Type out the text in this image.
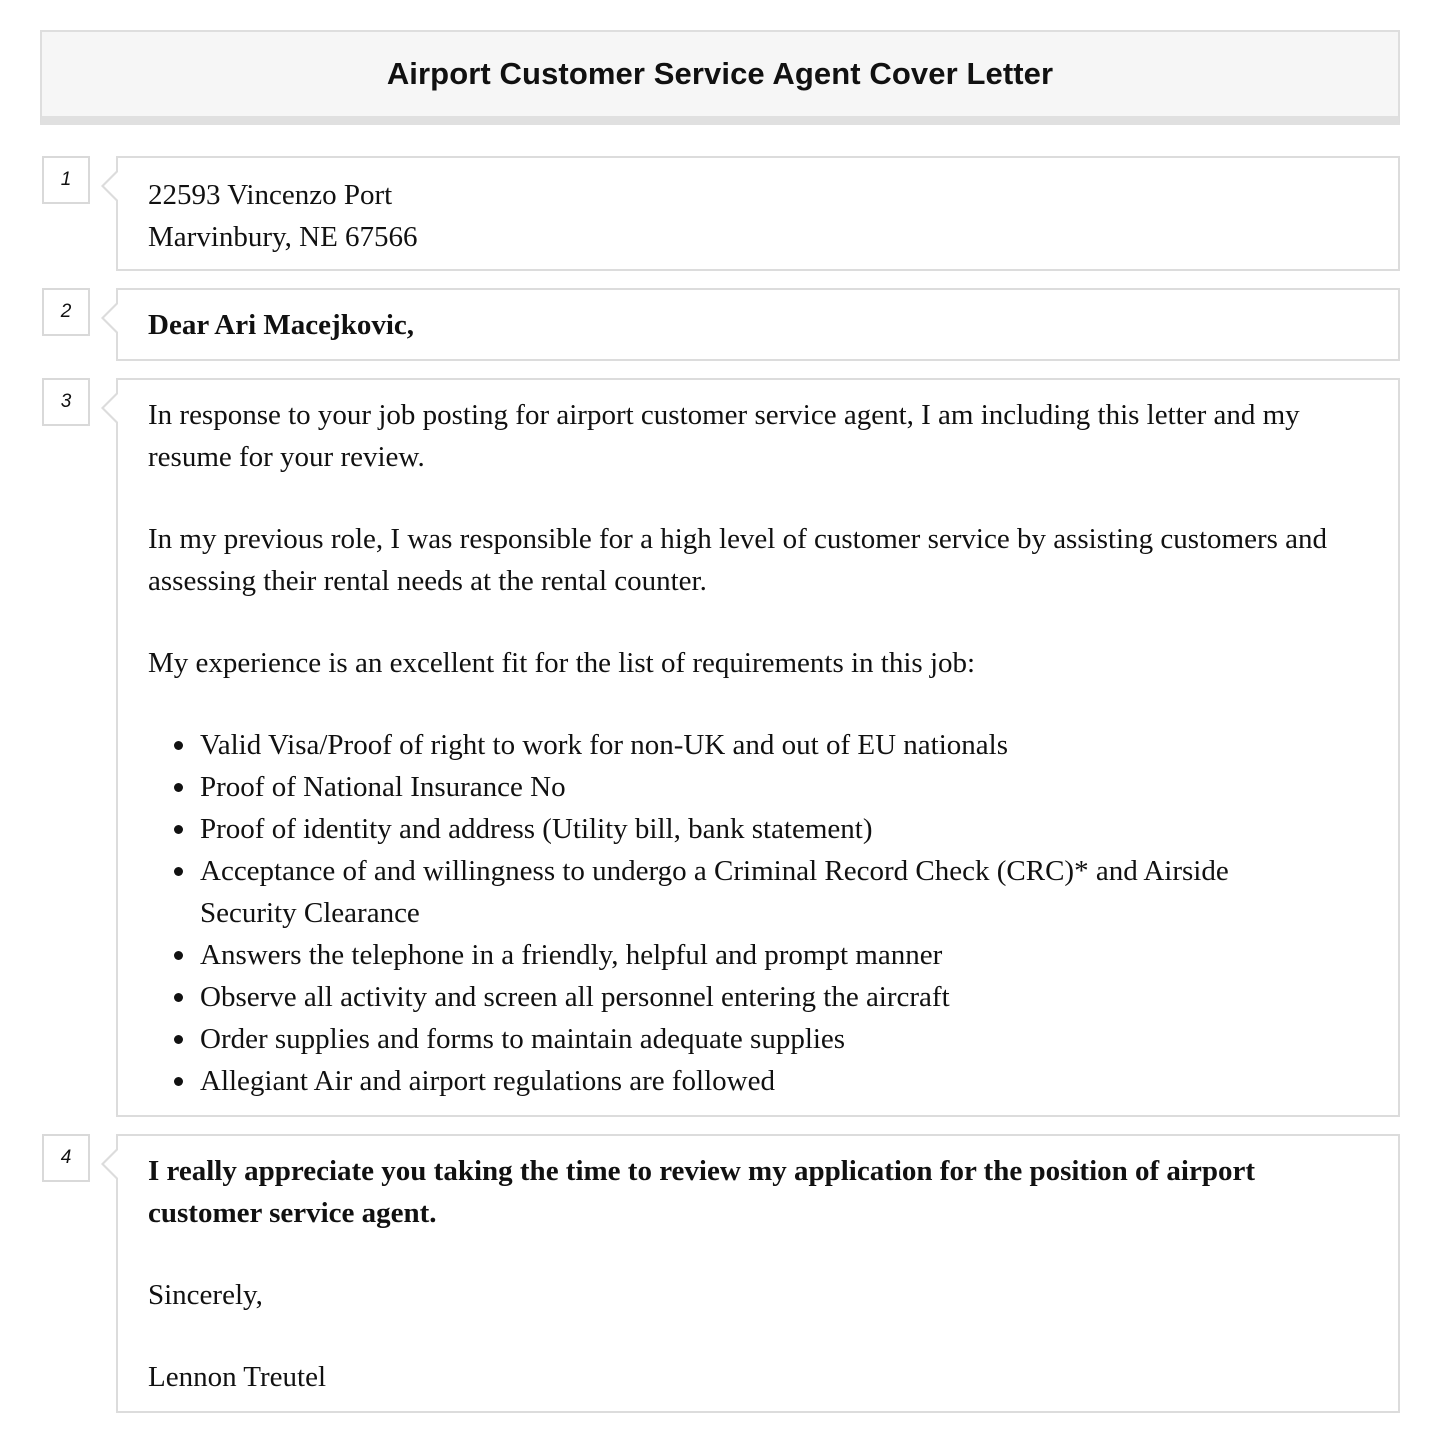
Airport Customer Service Agent Cover Letter
1	22593 Vincenzo Port
Marvinbury, NE 67566
2	Dear Ari Macejkovic,
3	In response to your job posting for airport customer service agent, I am including this letter and my resume for your review.

In my previous role, I was responsible for a high level of customer service by assisting customers and assessing their rental needs at the rental counter.

My experience is an excellent fit for the list of requirements in this job:

Valid Visa/Proof of right to work for non-UK and out of EU nationals
Proof of National Insurance No
Proof of identity and address (Utility bill, bank statement)
Acceptance of and willingness to undergo a Criminal Record Check (CRC)* and Airside Security Clearance
Answers the telephone in a friendly, helpful and prompt manner
Observe all activity and screen all personnel entering the aircraft
Order supplies and forms to maintain adequate supplies
Allegiant Air and airport regulations are followed
4	I really appreciate you taking the time to review my application for the position of airport customer service agent.

Sincerely,

Lennon Treutel
